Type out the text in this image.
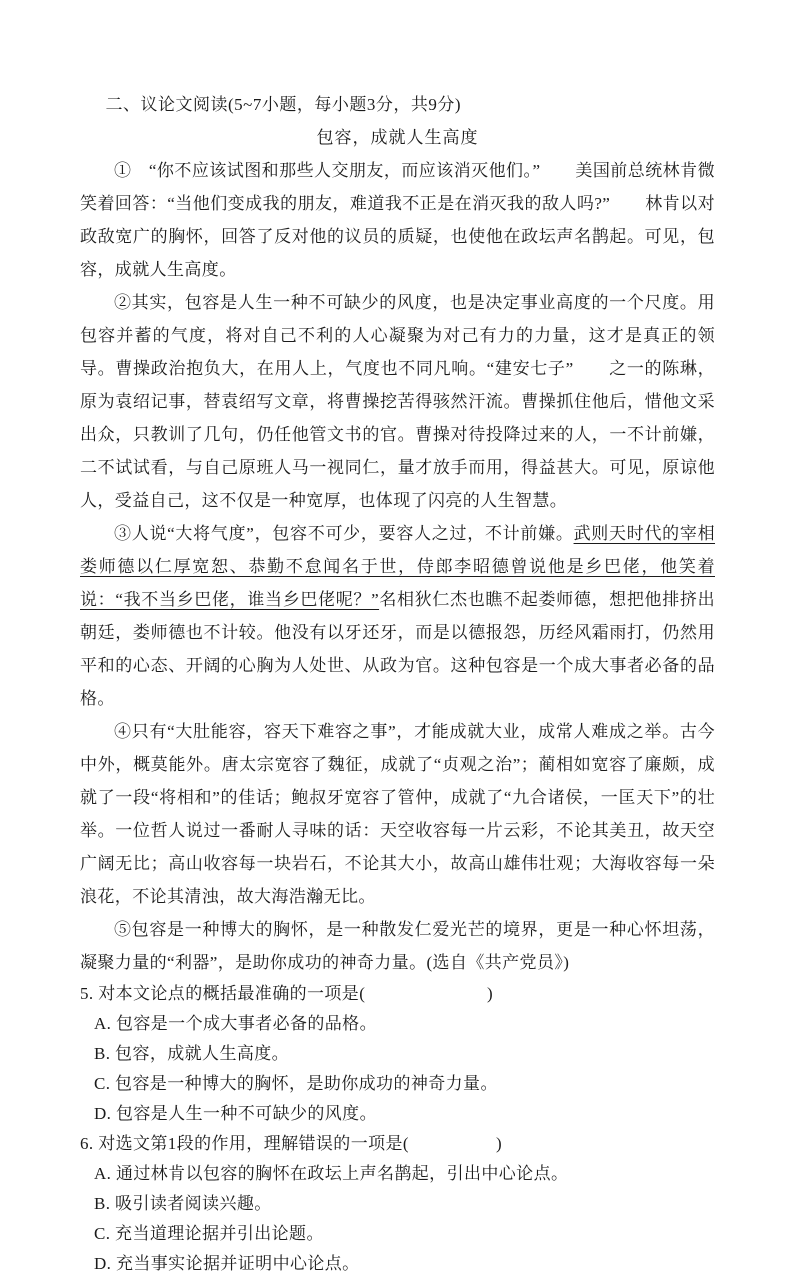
二、议论文阅读(5~7小题，每小题3分，共9分)
包容，成就人生高度

①　“你不应该试图和那些人交朋友，而应该消灭他们。”　　美国前总统林肯微笑着回答：“当他们变成我的朋友，难道我不正是在消灭我的敌人吗?”　　林肯以对政敌宽广的胸怀，回答了反对他的议员的质疑，也使他在政坛声名鹊起。可见，包容，成就人生高度。

②其实，包容是人生一种不可缺少的风度，也是决定事业高度的一个尺度。用包容并蓄的气度，将对自己不利的人心凝聚为对己有力的力量，这才是真正的领导。曹操政治抱负大，在用人上，气度也不同凡响。“建安七子”　　之一的陈琳，原为袁绍记事，替袁绍写文章，将曹操挖苦得骇然汗流。曹操抓住他后，惜他文采出众，只教训了几句，仍任他管文书的官。曹操对待投降过来的人，一不计前嫌，二不试试看，与自己原班人马一视同仁，量才放手而用，得益甚大。可见，原谅他人，受益自己，这不仅是一种宽厚，也体现了闪亮的人生智慧。

③人说“大将气度”，包容不可少，要容人之过，不计前嫌。武则天时代的宰相娄师德以仁厚宽恕、恭勤不怠闻名于世，侍郎李昭德曾说他是乡巴佬，他笑着说：“我不当乡巴佬，谁当乡巴佬呢？”名相狄仁杰也瞧不起娄师德，想把他排挤出朝廷，娄师德也不计较。他没有以牙还牙，而是以德报怨，历经风霜雨打，仍然用平和的心态、开阔的心胸为人处世、从政为官。这种包容是一个成大事者必备的品格。

④只有“大肚能容，容天下难容之事”，才能成就大业，成常人难成之举。古今中外，概莫能外。唐太宗宽容了魏征，成就了“贞观之治”；蔺相如宽容了廉颇，成就了一段“将相和”的佳话；鲍叔牙宽容了管仲，成就了“九合诸侯，一匡天下”的壮举。一位哲人说过一番耐人寻味的话：天空收容每一片云彩，不论其美丑，故天空广阔无比；高山收容每一块岩石，不论其大小，故高山雄伟壮观；大海收容每一朵浪花，不论其清浊，故大海浩瀚无比。

⑤包容是一种博大的胸怀，是一种散发仁爱光芒的境界，更是一种心怀坦荡，凝聚力量的“利器”，是助你成功的神奇力量。(选自《共产党员》)

5. 对本文论点的概括最准确的一项是(　　　　　　　)
A. 包容是一个成大事者必备的品格。
B. 包容，成就人生高度。
C. 包容是一种博大的胸怀，是助你成功的神奇力量。
D. 包容是人生一种不可缺少的风度。
6. 对选文第1段的作用，理解错误的一项是(　　　　　)
A. 通过林肯以包容的胸怀在政坛上声名鹊起，引出中心论点。
B. 吸引读者阅读兴趣。
C. 充当道理论据并引出论题。
D. 充当事实论据并证明中心论点。
